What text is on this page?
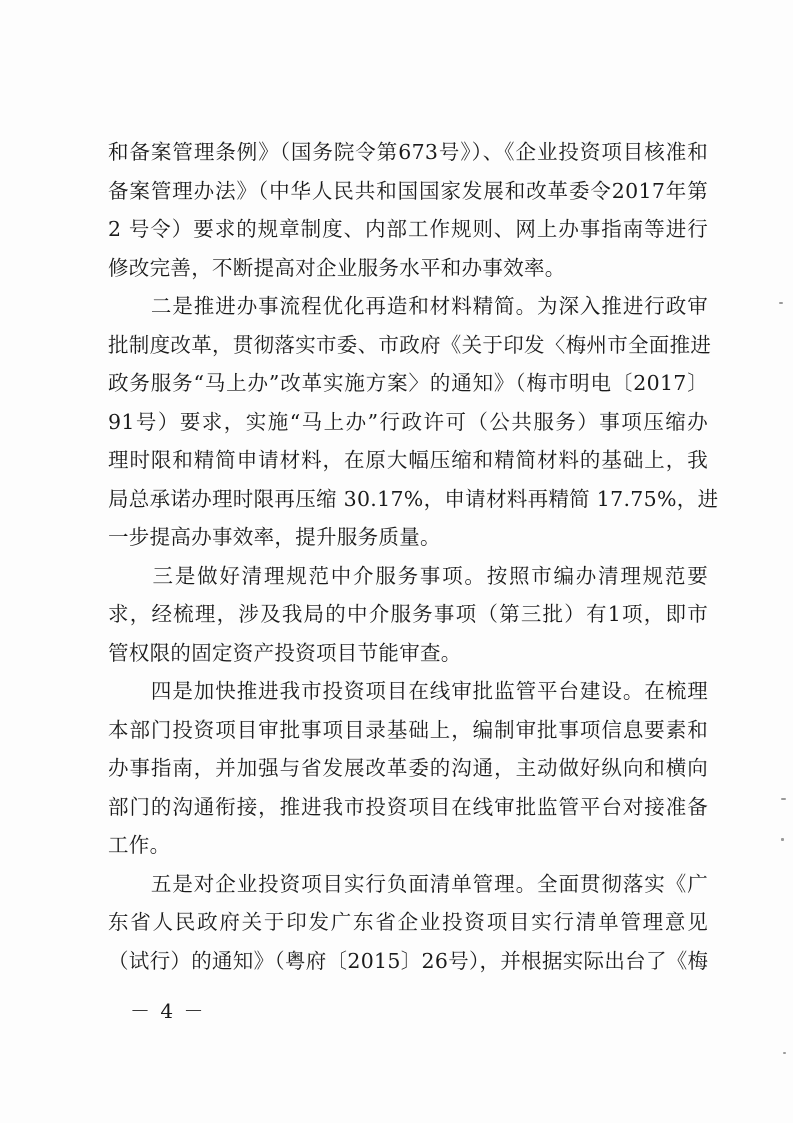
和备案管理条例》（国务院令第673号》）、《企业投资项目核准和
备案管理办法》（中华人民共和国国家发展和改革委令2017年第
2 号令）要求的规章制度、内部工作规则、网上办事指南等进行
修改完善，不断提高对企业服务水平和办事效率。
　　二是推进办事流程优化再造和材料精简。为深入推进行政审
批制度改革，贯彻落实市委、市政府《关于印发〈梅州市全面推进
政务服务“马上办”改革实施方案〉的通知》（梅市明电〔2017〕
91号）要求，实施“马上办”行政许可（公共服务）事项压缩办
理时限和精简申请材料，在原大幅压缩和精简材料的基础上，我
局总承诺办理时限再压缩 30.17%，申请材料再精简 17.75%，进
一步提高办事效率，提升服务质量。
　　三是做好清理规范中介服务事项。按照市编办清理规范要
求，经梳理，涉及我局的中介服务事项（第三批）有1项，即市
管权限的固定资产投资项目节能审查。
　　四是加快推进我市投资项目在线审批监管平台建设。在梳理
本部门投资项目审批事项目录基础上，编制审批事项信息要素和
办事指南，并加强与省发展改革委的沟通，主动做好纵向和横向
部门的沟通衔接，推进我市投资项目在线审批监管平台对接准备
工作。
　　五是对企业投资项目实行负面清单管理。全面贯彻落实《广
东省人民政府关于印发广东省企业投资项目实行清单管理意见
（试行）的通知》（粤府〔2015〕26号），并根据实际出台了《梅
－ 4 －
